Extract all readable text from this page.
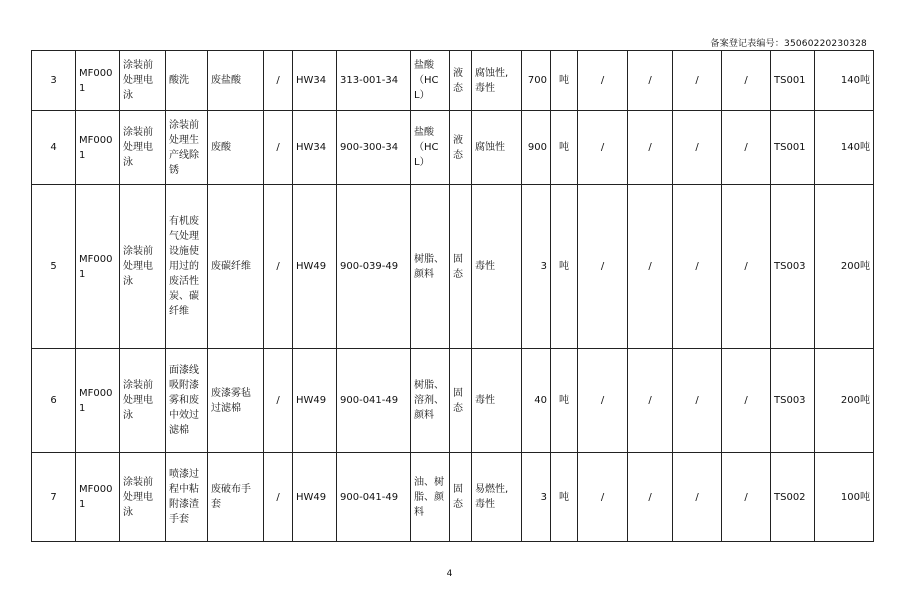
备案登记表编号：35060220230328
3	MF0001	涂装前处理电泳	酸洗	废盐酸	/	HW34	313-001-34	盐酸（HCL）	液态	腐蚀性,毒性	700	吨	/	/	/	/	TS001	140吨
4	MF0001	涂装前处理电泳	涂装前处理生产线除锈	废酸	/	HW34	900-300-34	盐酸（HCL）	液态	腐蚀性	900	吨	/	/	/	/	TS001	140吨
5	MF0001	涂装前处理电泳	有机废气处理设施使用过的废活性炭、碳纤维	废碳纤维	/	HW49	900-039-49	树脂、颜料	固态	毒性	3	吨	/	/	/	/	TS003	200吨
6	MF0001	涂装前处理电泳	面漆线吸附漆雾和废中效过滤棉	废漆雾毡过滤棉	/	HW49	900-041-49	树脂、溶剂、颜料	固态	毒性	40	吨	/	/	/	/	TS003	200吨
7	MF0001	涂装前处理电泳	喷漆过程中粘附漆渣手套	废破布手套	/	HW49	900-041-49	油、树脂、颜料	固态	易燃性,毒性	3	吨	/	/	/	/	TS002	100吨
4
